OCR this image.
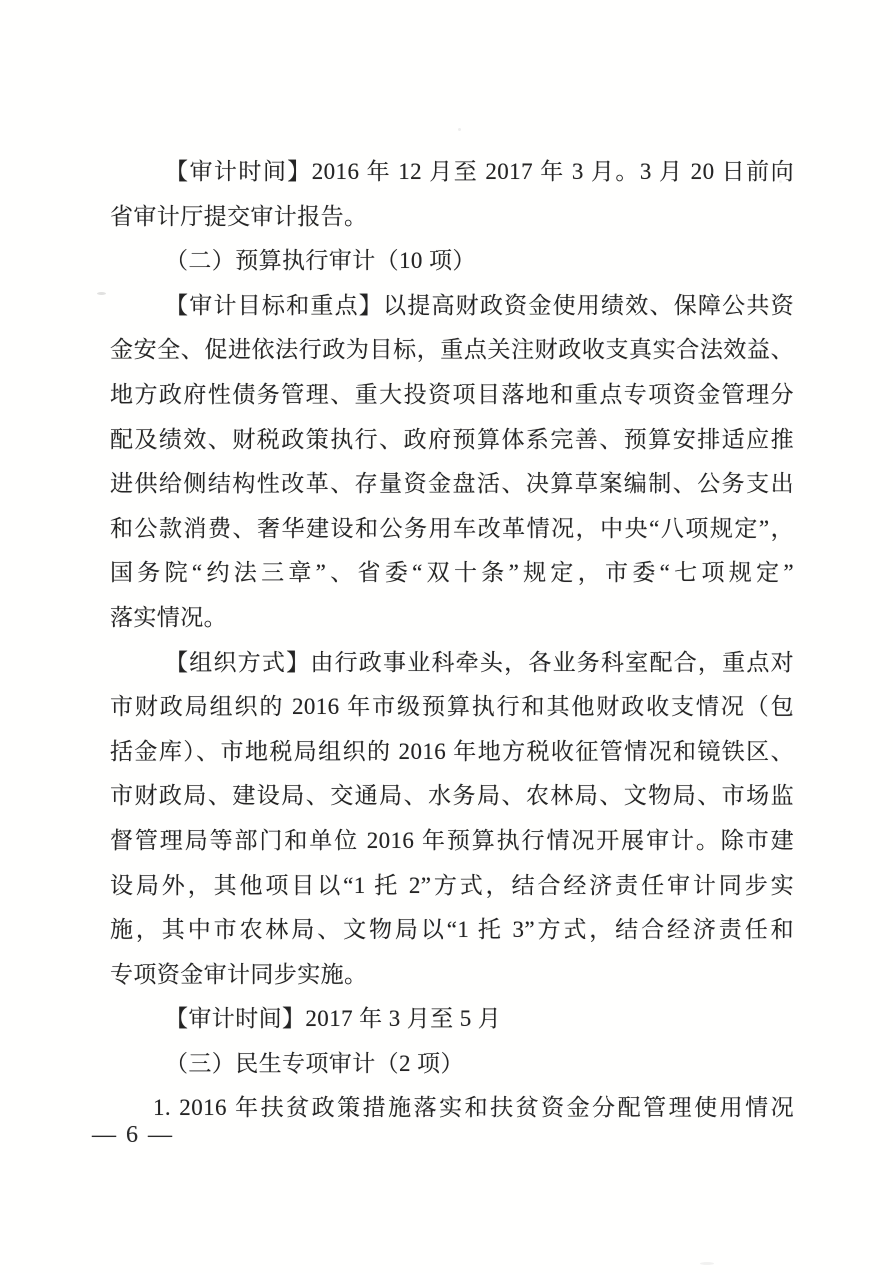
【审计时间】2016 年 12 月至 2017 年 3 月。3 月 20 日前向
省审计厅提交审计报告。
（二）预算执行审计（10 项）
【审计目标和重点】以提高财政资金使用绩效、保障公共资
金安全、促进依法行政为目标，重点关注财政收支真实合法效益、
地方政府性债务管理、重大投资项目落地和重点专项资金管理分
配及绩效、财税政策执行、政府预算体系完善、预算安排适应推
进供给侧结构性改革、存量资金盘活、决算草案编制、公务支出
和公款消费、奢华建设和公务用车改革情况，中央“八项规定”，
国务院“约法三章”、省委“双十条”规定，市委“七项规定”
落实情况。
【组织方式】由行政事业科牵头，各业务科室配合，重点对
市财政局组织的 2016 年市级预算执行和其他财政收支情况（包
括金库）、市地税局组织的 2016 年地方税收征管情况和镜铁区、
市财政局、建设局、交通局、水务局、农林局、文物局、市场监
督管理局等部门和单位 2016 年预算执行情况开展审计。除市建
设局外，其他项目以“1 托 2”方式，结合经济责任审计同步实
施，其中市农林局、文物局以“1 托 3”方式，结合经济责任和
专项资金审计同步实施。
【审计时间】2017 年 3 月至 5 月
（三）民生专项审计（2 项）
1. 2016 年扶贫政策措施落实和扶贫资金分配管理使用情况
— 6 —
